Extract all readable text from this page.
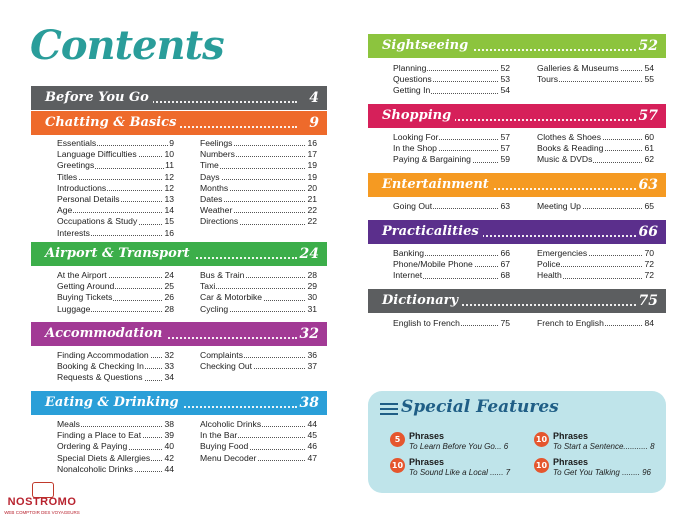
Contents
Before You Go	4
Chatting & Basics	9
Essentials	9
Language Difficulties	10
Greetings	11
Titles	12
Introductions	12
Personal Details	13
Age	14
Occupations & Study	15
Interests	16
Feelings	16
Numbers	17
Time	19
Days	19
Months	20
Dates	21
Weather	22
Directions	22
Airport & Transport	24
At the Airport	24
Getting Around	25
Buying Tickets	26
Luggage	28
Bus & Train	28
Taxi	29
Car & Motorbike	30
Cycling	31
Accommodation	32
Finding Accommodation 32
Booking & Checking In 33
Requests & Questions	34
Complaints	36
Checking Out	37
Eating & Drinking	38
Meals	38
Finding a Place to Eat	39
Ordering & Paying	40
Special Diets & Allergies 42
Nonalcoholic Drinks	44
Alcoholic Drinks	44
In the Bar	45
Buying Food	46
Menu Decoder	47
Sightseeing	52
Planning	52
Questions	53
Getting In	54
Galleries & Museums	54
Tours	55
Shopping	57
Looking For	57
In the Shop	57
Paying & Bargaining	59
Clothes & Shoes	60
Books & Reading	61
Music & DVDs	62
Entertainment	63
Going Out	63	Meeting Up	65
Practicalities	66
Banking	66
Phone/Mobile Phone	67
Internet	68
Emergencies	70
Police	72
Health	72
Dictionary	75
English to French	75	French to English	84
Special Features
5 Phrases
To Learn Before You Go... 6
10 Phrases
To Start a Sentence........... 8
10 Phrases
To Sound Like a Local ...... 7
10 Phrases
To Get You Talking ........ 96
NOSTROMO
WEB COMPTOIR DES VOYAGEURS
